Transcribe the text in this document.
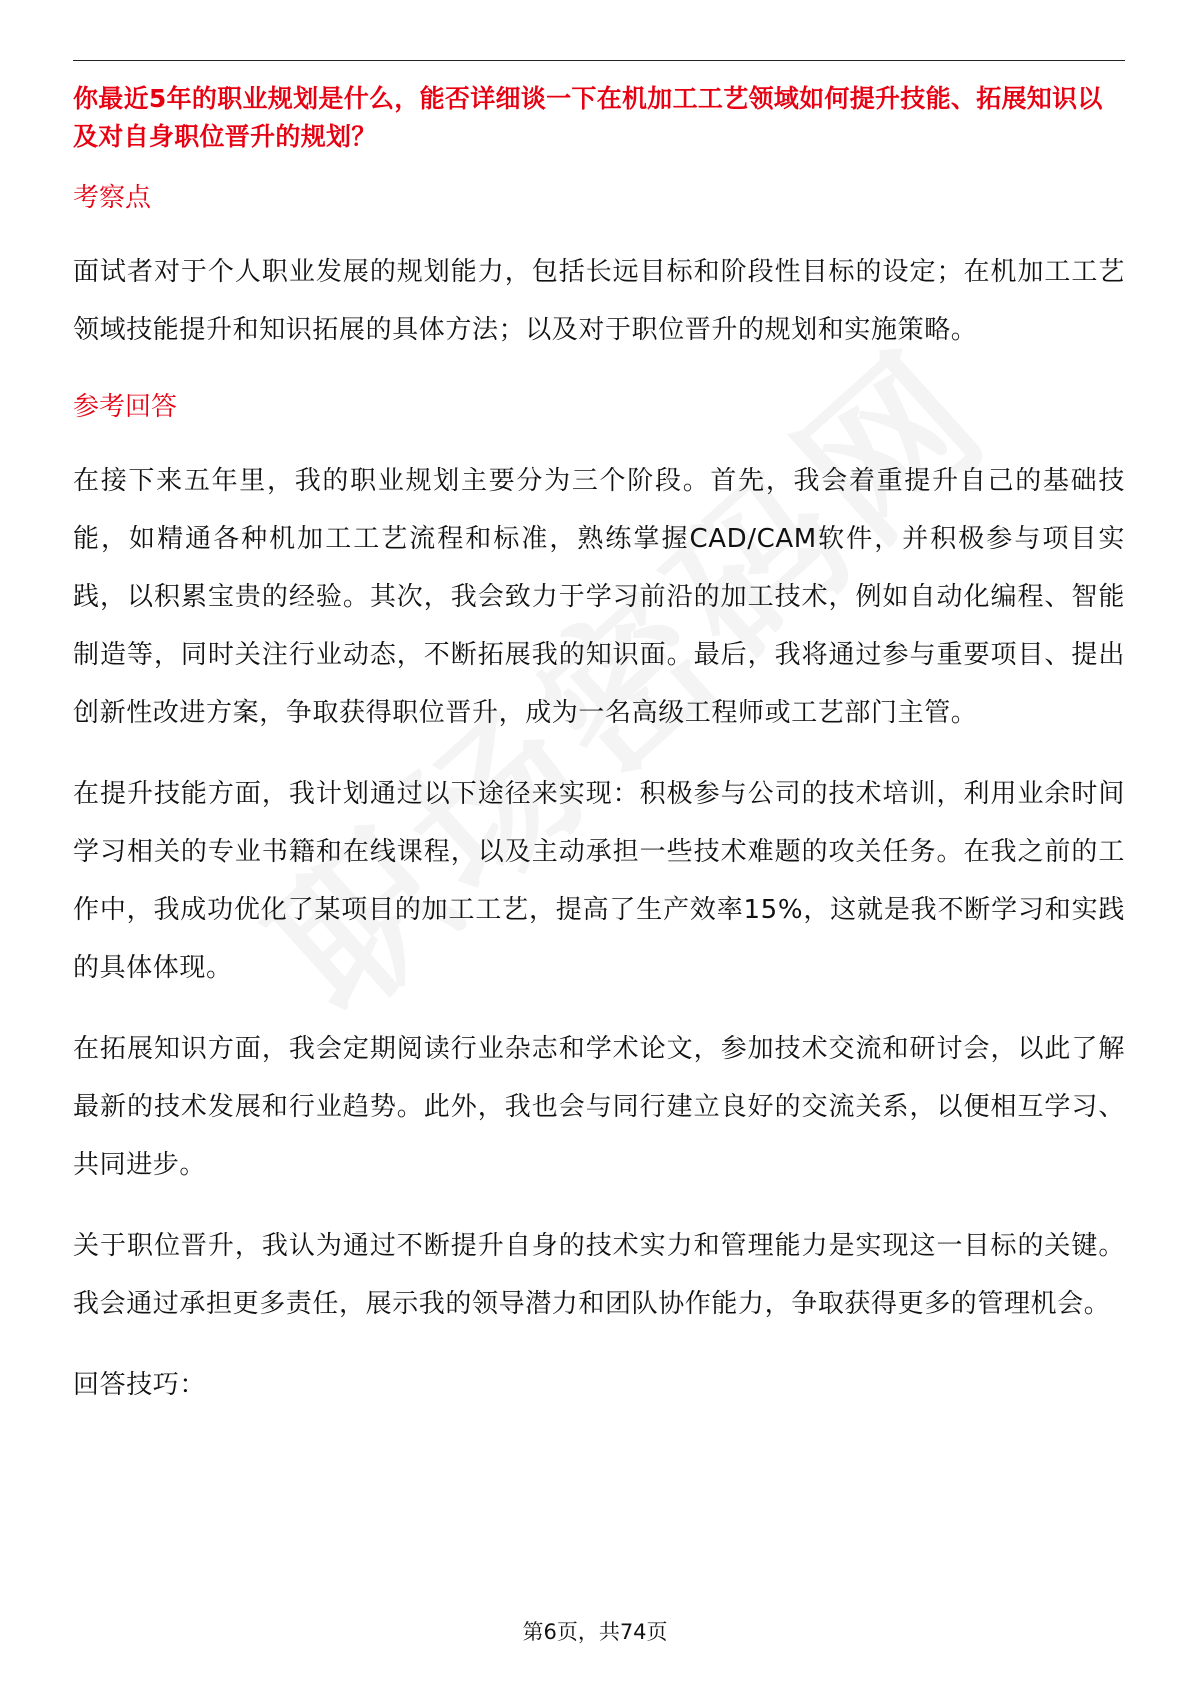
你最近5年的职业规划是什么，能否详细谈一下在机加工工艺领域如何提升技能、拓展知识以及对自身职位晋升的规划？

考察点

面试者对于个人职业发展的规划能力，包括长远目标和阶段性目标的设定；在机加工工艺领域技能提升和知识拓展的具体方法；以及对于职位晋升的规划和实施策略。

参考回答

在接下来五年里，我的职业规划主要分为三个阶段。首先，我会着重提升自己的基础技能，如精通各种机加工工艺流程和标准，熟练掌握CAD/CAM软件，并积极参与项目实践，以积累宝贵的经验。其次，我会致力于学习前沿的加工技术，例如自动化编程、智能制造等，同时关注行业动态，不断拓展我的知识面。最后，我将通过参与重要项目、提出创新性改进方案，争取获得职位晋升，成为一名高级工程师或工艺部门主管。

在提升技能方面，我计划通过以下途径来实现：积极参与公司的技术培训，利用业余时间学习相关的专业书籍和在线课程，以及主动承担一些技术难题的攻关任务。在我之前的工作中，我成功优化了某项目的加工工艺，提高了生产效率15%，这就是我不断学习和实践的具体体现。

在拓展知识方面，我会定期阅读行业杂志和学术论文，参加技术交流和研讨会，以此了解最新的技术发展和行业趋势。此外，我也会与同行建立良好的交流关系，以便相互学习、共同进步。

关于职位晋升，我认为通过不断提升自身的技术实力和管理能力是实现这一目标的关键。我会通过承担更多责任，展示我的领导潜力和团队协作能力，争取获得更多的管理机会。

回答技巧：

第6页，共74页
